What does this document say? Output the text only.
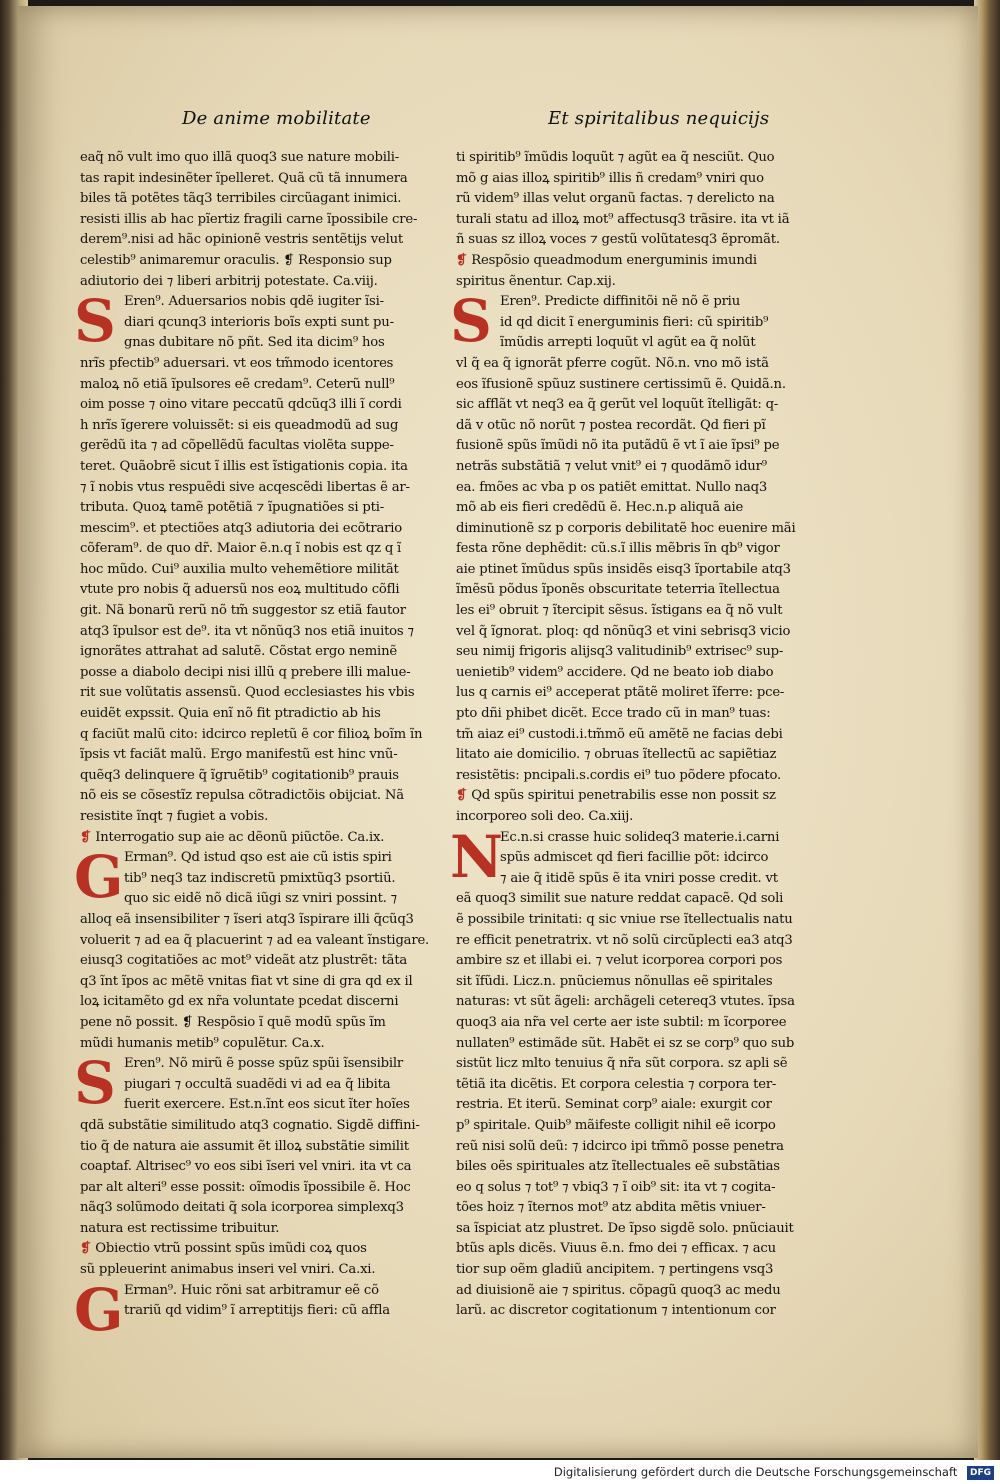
De anime mobilitate	Et spiritalibus nequicijs
eaq̃ nõ vult imo quo illã quoq3 sue nature mobili-
tas rapit indesinẽter ĩpelleret. Quã cũ tã innumera
biles tã potẽtes tãq3 terribiles circũagant inimici.
resisti illis ab hac pĩertiz fragili carne ĩpossibile cre-
derem⁹.nisi ad hãc opinionẽ vestris sentẽtijs velut
celestib⁹ animaremur oraculis. ❡ Responsio sup
adiutorio dei ⁊ liberi arbitrij potestate. Ca.viij.
S Eren⁹. Aduersarios nobis qdẽ iugiter ĩsi-
diari qcunq3 interioris boĩs expti sunt pu-
gnas dubitare nõ pñt. Sed ita dicim⁹ hos
nrĩs pfectib⁹ aduersari. vt eos tm̃modo icentores
maloꝝ nõ etiã ĩpulsores eẽ credam⁹. Ceterũ null⁹
oim posse ⁊ oino vitare peccatũ qdcũq3 illi ĩ cordi
h nrĩs ĩgerere voluissẽt: si eis queadmodũ ad sug
gerẽdũ ita ⁊ ad cõpellẽdũ facultas violẽta suppe-
teret. Quãobrẽ sicut ĩ illis est ĩstigationis copia. ita
⁊ ĩ nobis vtus respuẽdi sive acqescẽdi libertas ẽ ar-
tributa. Quoꝝ tamẽ potẽtiã ⁊ ĩpugnatiões si pti-
mescim⁹. et ptectiões atq3 adiutoria dei ecõtrario
cõferam⁹. de quo dr̃. Maior ẽ.n.q ĩ nobis est qz q ĩ
hoc mũdo. Cui⁹ auxilia multo vehemẽtiore militãt
vtute pro nobis q̃ aduersũ nos eoꝝ multitudo cõfli
git. Nã bonarũ rerũ nõ tm̃ suggestor sz etiã fautor
atq3 ĩpulsor est de⁹. ita vt nõnũq3 nos etiã inuitos ⁊
ignorãtes attrahat ad salutẽ. Cõstat ergo neminẽ
posse a diabolo decipi nisi illũ q prebere illi malue-
rit sue volũtatis assensũ. Quod ecclesiastes his vbis
euidẽt expssit. Quia enĩ nõ fit ptradictio ab his
q faciũt malũ cito: idcirco repletũ ẽ cor filioꝝ boĩm ĩn
ĩpsis vt faciãt malũ. Ergo manifestũ est hinc vnũ-
quẽq3 delinquere q̃ ĩgruẽtib⁹ cogitationib⁹ prauis
nõ eis se cõsestĩz repulsa cõtradictõis obijciat. Nã
resistite ĩnqt ⁊ fugiet a vobis.
❡ Interrogatio sup aie ac dẽonũ piũctõe. Ca.ix.
G Erman⁹. Qd istud qso est aie cũ istis spiri
tib⁹ neq3 taz indiscretũ pmixtũq3 psortiũ.
quo sic eidẽ nõ dicã iũgi sz vniri possint. ⁊
alloq eã insensibiliter ⁊ ĩseri atq3 ĩspirare illi q̃cũq3
voluerit ⁊ ad ea q̃ placuerint ⁊ ad ea valeant ĩnstigare.
eiusq3 cogitatiões ac mot⁹ videãt atz plustrẽt: tãta
q3 ĩnt ĩpos ac mẽtẽ vnitas fiat vt sine di gra qd ex il
loꝝ icitamẽto gd ex nr̃a voluntate pcedat discerni
pene nõ possit. ❡ Respõsio ĩ quẽ modũ spũs ĩm
mũdi humanis metib⁹ copulẽtur. Ca.x.
S Eren⁹. Nõ mirũ ẽ posse spũz spũi ĩsensibilr
piugari ⁊ occultã suadẽdi vi ad ea q̃ libita
fuerit exercere. Est.n.ĩnt eos sicut ĩter hoĩes
qdã substãtie similitudo atq3 cognatio. Sigdẽ diffini-
tio q̃ de natura aie assumit ẽt illoꝝ substãtie similit
coaptaf. Altrisec⁹ vo eos sibi ĩseri vel vniri. ita vt ca
par alt alteri⁹ esse possit: oĩmodis ĩpossibile ẽ. Hoc
nãq3 solũmodo deitati q̃ sola icorporea simplexq3
natura est rectissime tribuitur.
❡ Obiectio vtrũ possint spũs imũdi coꝝ quos
sũ ppleuerint animabus inseri vel vniri. Ca.xi.
G Erman⁹. Huic rõni sat arbitramur eẽ cõ
trariũ qd vidim⁹ ĩ arreptitijs fieri: cũ affla
ti spiritib⁹ ĩmũdis loquũt ⁊ agũt ea q̃ nesciũt. Quo
mõ g aias illoꝝ spiritib⁹ illis ñ credam⁹ vniri quo
rũ videm⁹ illas velut organũ factas. ⁊ derelicto na
turali statu ad illoꝝ mot⁹ affectusq3 trãsire. ita vt iã
ñ suas sz illoꝝ voces ⁊ gestũ volũtatesq3 ẽpromãt.
❡ Respõsio queadmodum energuminis imundi
spiritus ẽnentur. Cap.xij.
S Eren⁹. Predicte diffinitõi nẽ nõ ẽ priu
id qd dicit ĩ energuminis fieri: cũ spiritib⁹
ĩmũdis arrepti loquũt vl agũt ea q̃ nolũt
vl q̃ ea q̃ ignorãt pferre cogũt. Nõ.n. vno mõ istã
eos ĩfusionẽ spũuz sustinere certissimũ ẽ. Quidã.n.
sic afflãt vt neq3 ea q̃ gerũt vel loquũt ĩtelligãt: q-
dã v otũc nõ norũt ⁊ postea recordãt. Qd fieri pĩ
fusionẽ spũs ĩmũdi nõ ita putãdũ ẽ vt ĩ aie ĩpsi⁹ pe
netrãs substãtiã ⁊ velut vnit⁹ ei ⁊ quodãmõ idur⁹
ea. fmões ac vba p os patiẽt emittat. Nullo naq3
mõ ab eis fieri credẽdũ ẽ. Hec.n.p aliquã aie
diminutionẽ sz p corporis debilitatẽ hoc euenire mãi
festa rõne dephẽdit: cũ.s.ĩ illis mẽbris ĩn qb⁹ vigor
aie ptinet ĩmũdus spũs insidẽs eisq3 ĩportabile atq3
ĩmẽsũ põdus ĩponẽs obscuritate teterria ĩtellectua
les ei⁹ obruit ⁊ ĩtercipit sẽsus. ĩstigans ea q̃ nõ vult
vel q̃ ĩgnorat. ploq: qd nõnũq3 et vini sebrisq3 vicio
seu nimij frigoris alijsq3 valitudinib⁹ extrisec⁹ sup-
uenietib⁹ videm⁹ accidere. Qd ne beato iob diabo
lus q carnis ei⁹ acceperat ptãtẽ moliret ĩferre: pce-
pto dñi phibet dicẽt. Ecce trado cũ in man⁹ tuas:
tm̃ aiaz ei⁹ custodi.i.tm̃mõ eũ amẽtẽ ne facias debi
litato aie domicilio. ⁊ obruas ĩtellectũ ac sapiẽtiaz
resistẽtis: pncipali.s.cordis ei⁹ tuo põdere pfocato.
❡ Qd spũs spiritui penetrabilis esse non possit sz
incorporeo soli deo. Ca.xiij.
N
Ec.n.si crasse huic solideq3 materie.i.carni
spũs admiscet qd fieri facillie põt: idcirco
⁊ aie q̃ itidẽ spũs ẽ ita vniri posse credit. vt
eã quoq3 similit sue nature reddat capacẽ. Qd soli
ẽ possibile trinitati: q sic vniue rse ĩtellectualis natu
re efficit penetratrix. vt nõ solũ circũplecti ea3 atq3
ambire sz et illabi ei. ⁊ velut icorporea corpori pos
sit ĩfũdi. Licz.n. pnũciemus nõnullas eẽ spiritales
naturas: vt sũt ãgeli: archãgeli cetereq3 vtutes. ĩpsa
quoq3 aia nr̃a vel certe aer iste subtil: m ĩcorporee
nullaten⁹ estimãde sũt. Habẽt ei sz se corp⁹ quo sub
sistũt licz mlto tenuius q̃ nr̃a sũt corpora. sz apli sẽ
tẽtiã ita dicẽtis. Et corpora celestia ⁊ corpora ter-
restria. Et iterũ. Seminat corp⁹ aiale: exurgit cor
p⁹ spiritale. Quib⁹ mãifeste colligit nihil eẽ icorpo
reũ nisi solũ deũ: ⁊ idcirco ipi tm̃mõ posse penetra
biles oẽs spirituales atz ĩtellectuales eẽ substãtias
eo q solus ⁊ tot⁹ ⁊ vbiq3 ⁊ ĩ oib⁹ sit: ita vt ⁊ cogita-
tões hoiz ⁊ ĩternos mot⁹ atz abdita mẽtis vniuer-
sa ĩspiciat atz plustret. De ĩpso sigdẽ solo. pnũciauit
btũs apls dicẽs. Viuus ẽ.n. fmo dei ⁊ efficax. ⁊ acu
tior sup oẽm gladiũ ancipitem. ⁊ pertingens vsq3
ad diuisionẽ aie ⁊ spiritus. cõpagũ quoq3 ac medu
larũ. ac discretor cogitationum ⁊ intentionum cor
Digitalisierung gefördert durch die Deutsche Forschungsgemeinschaft DFG
